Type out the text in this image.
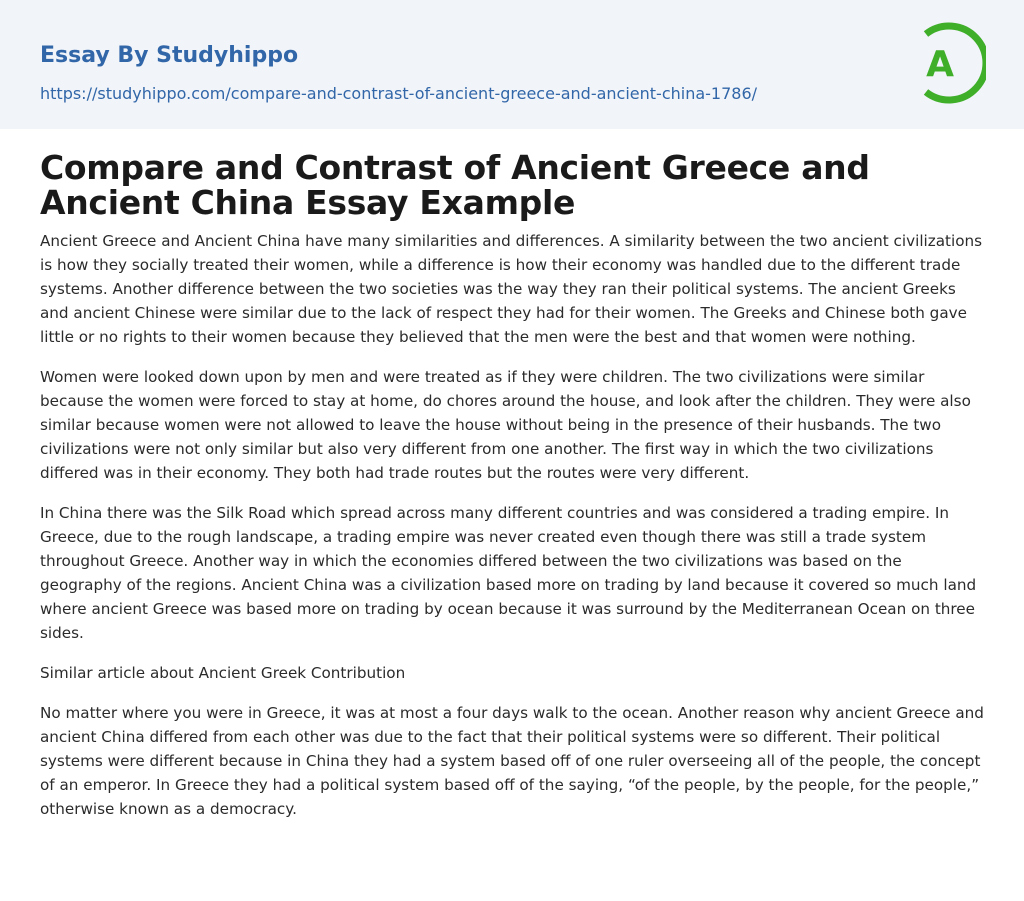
Essay By Studyhippo
https://studyhippo.com/compare-and-contrast-of-ancient-greece-and-ancient-china-1786/
A
Compare and Contrast of Ancient Greece and Ancient China Essay Example

Ancient Greece and Ancient China have many similarities and differences. A similarity between the two ancient civilizations is how they socially treated their women, while a difference is how their economy was handled due to the different trade systems. Another difference between the two societies was the way they ran their political systems. The ancient Greeks and ancient Chinese were similar due to the lack of respect they had for their women. The Greeks and Chinese both gave little or no rights to their women because they believed that the men were the best and that women were nothing.

Women were looked down upon by men and were treated as if they were children. The two civilizations were similar because the women were forced to stay at home, do chores around the house, and look after the children. They were also similar because women were not allowed to leave the house without being in the presence of their husbands. The two civilizations were not only similar but also very different from one another. The first way in which the two civilizations differed was in their economy. They both had trade routes but the routes were very different.

In China there was the Silk Road which spread across many different countries and was considered a trading empire. In Greece, due to the rough landscape, a trading empire was never created even though there was still a trade system throughout Greece. Another way in which the economies differed between the two civilizations was based on the geography of the regions. Ancient China was a civilization based more on trading by land because it covered so much land where ancient Greece was based more on trading by ocean because it was surround by the Mediterranean Ocean on three sides.

Similar article about Ancient Greek Contribution

No matter where you were in Greece, it was at most a four days walk to the ocean. Another reason why ancient Greece and ancient China differed from each other was due to the fact that their political systems were so different. Their political systems were different because in China they had a system based off of one ruler overseeing all of the people, the concept of an emperor. In Greece they had a political system based off of the saying, “of the people, by the people, for the people,” otherwise known as a democracy.
